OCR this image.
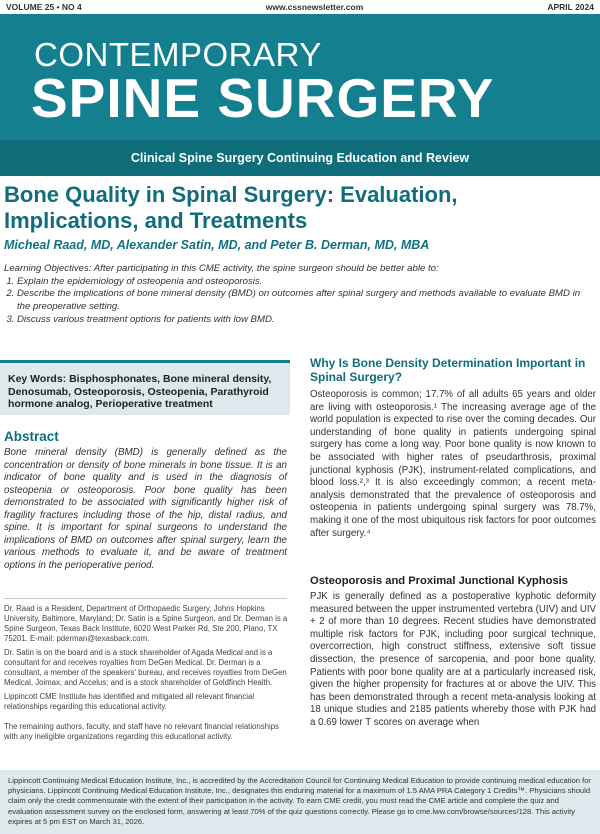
VOLUME 25 • NO 4	www.cssnewsletter.com	APRIL 2024
CONTEMPORARY
SPINE SURGERY
Clinical Spine Surgery Continuing Education and Review
Bone Quality in Spinal Surgery: Evaluation, Implications, and Treatments
Micheal Raad, MD, Alexander Satin, MD, and Peter B. Derman, MD, MBA

Learning Objectives: After participating in this CME activity, the spine surgeon should be better able to:

1. Explain the epidemiology of osteopenia and osteoporosis.
2. Describe the implications of bone mineral density (BMD) on outcomes after spinal surgery and methods available to evaluate BMD in the preoperative setting.
3. Discuss various treatment options for patients with low BMD.
Key Words: Bisphosphonates, Bone mineral density, Denosumab, Osteoporosis, Osteopenia, Parathyroid hormone analog, Perioperative treatment
Abstract
Bone mineral density (BMD) is generally defined as the concentration or density of bone minerals in bone tissue. It is an indicator of bone quality and is used in the diagnosis of osteopenia or osteoporosis. Poor bone quality has been demonstrated to be associated with significantly higher risk of fragility fractures including those of the hip, distal radius, and spine. It is important for spinal surgeons to understand the implications of BMD on outcomes after spinal surgery, learn the various methods to evaluate it, and be aware of treatment options in the perioperative period.
Dr. Raad is a Resident, Department of Orthopaedic Surgery, Johns Hopkins University, Baltimore, Maryland; Dr. Satin is a Spine Surgeon, and Dr. Derman is a Spine Surgeon, Texas Back Institute, 6020 West Parker Rd, Ste 200, Plano, TX 75201. E-mail: pderman@texasback.com.
Dr. Satin is on the board and is a stock shareholder of Agada Medical and is a consultant for and receives royalties from DeGen Medical. Dr. Derman is a consultant, a member of the speakers' bureau, and receives royalties from DeGen Medical, Joimax, and Accelus; and is a stock shareholder of Goldfinch Health.
Lippincott CME Institute has identified and mitigated all relevant financial relationships regarding this educational activity.
The remaining authors, faculty, and staff have no relevant financial relationships with any ineligible organizations regarding this educational activity.
Why Is Bone Density Determination Important in Spinal Surgery?
Osteoporosis is common; 17.7% of all adults 65 years and older are living with osteoporosis.¹ The increasing average age of the world population is expected to rise over the coming decades. Our understanding of bone quality in patients undergoing spinal surgery has come a long way. Poor bone quality is now known to be associated with higher rates of pseudarthrosis, proximal junctional kyphosis (PJK), instrument-related complications, and blood loss.²,³ It is also exceedingly common; a recent meta-analysis demonstrated that the prevalence of osteoporosis and osteopenia in patients undergoing spinal surgery was 78.7%, making it one of the most ubiquitous risk factors for poor outcomes after surgery.⁴
Osteoporosis and Proximal Junctional Kyphosis
PJK is generally defined as a postoperative kyphotic deformity measured between the upper instrumented vertebra (UIV) and UIV + 2 of more than 10 degrees. Recent studies have demonstrated multiple risk factors for PJK, including poor surgical technique, overcorrection, high construct stiffness, extensive soft tissue dissection, the presence of sarcopenia, and poor bone quality. Patients with poor bone quality are at a particularly increased risk, given the higher propensity for fractures at or above the UIV. This has been demonstrated through a recent meta-analysis looking at 18 unique studies and 2185 patients whereby those with PJK had a 0.69 lower T scores on average when
Lippincott Continuing Medical Education Institute, Inc., is accredited by the Accreditation Council for Continuing Medical Education to provide continuing medical education for physicians. Lippincott Continuing Medical Education Institute, Inc., designates this enduring material for a maximum of 1.5 AMA PRA Category 1 Credits™. Physicians should claim only the credit commensurate with the extent of their participation in the activity. To earn CME credit, you must read the CME article and complete the quiz and evaluation assessment survey on the enclosed form, answering at least 70% of the quiz questions correctly. Please go to cme.lww.com/browse/sources/128. This activity expires at 5 pm EST on March 31, 2026.
